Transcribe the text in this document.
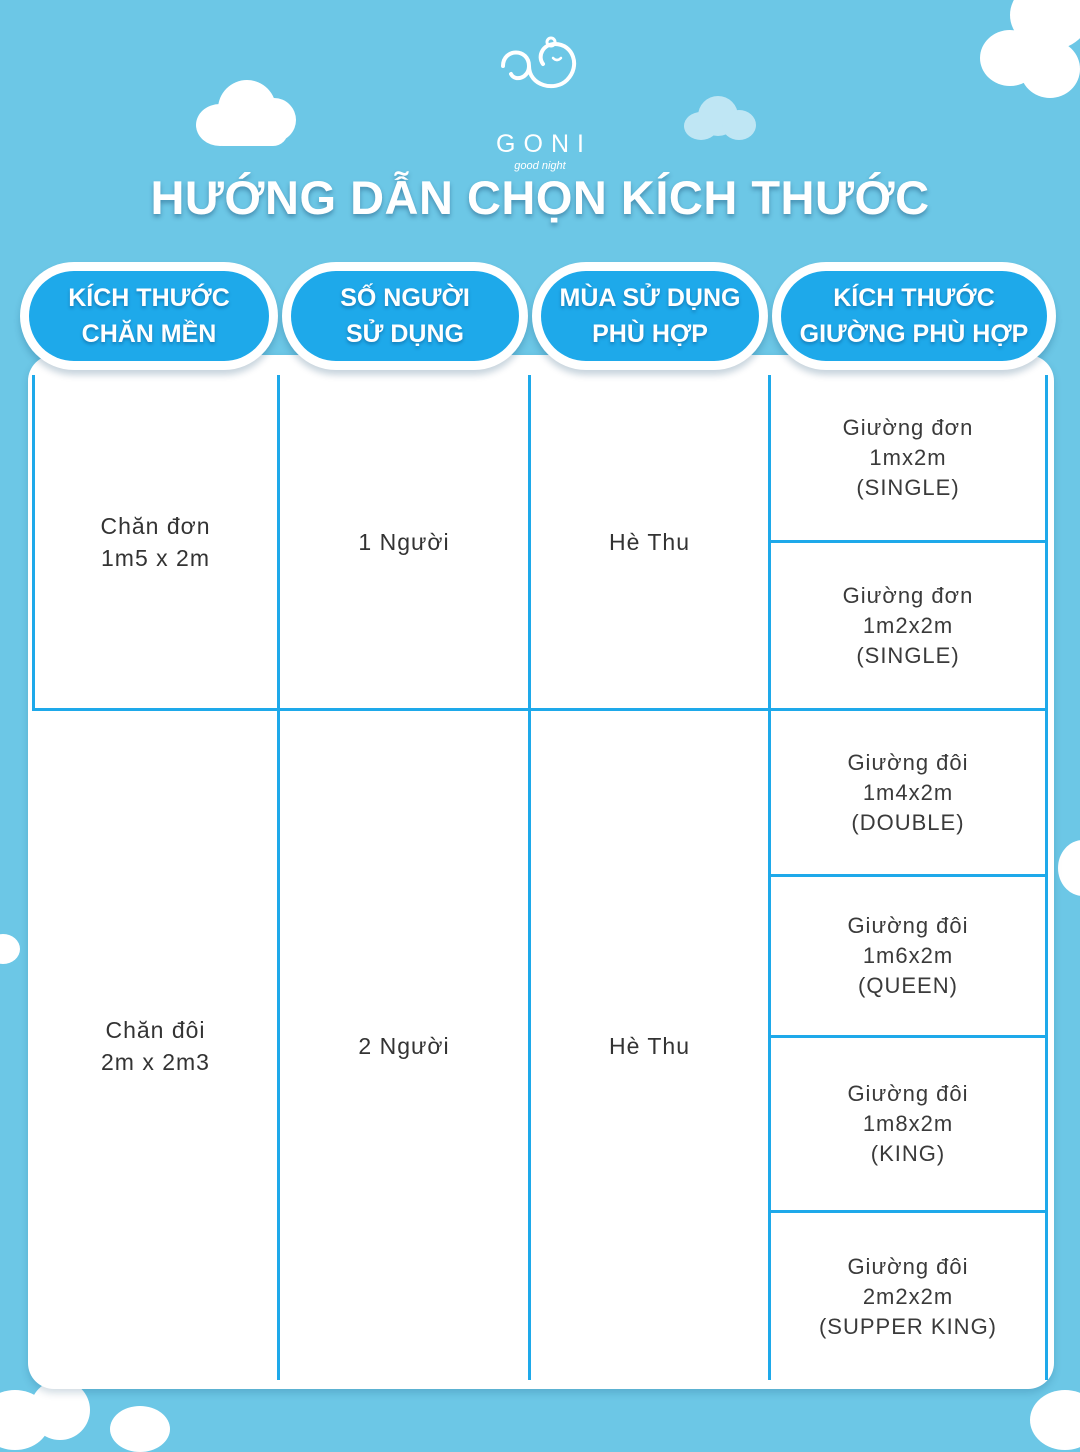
GONI
good night
HƯỚNG DẪN CHỌN KÍCH THƯỚC
Chăn đơn
1m5 x 2m
1 Người	Hè Thu
Giường đơn
1mx2m
(SINGLE)
Giường đơn
1m2x2m
(SINGLE)
Chăn đôi
2m x 2m3
2 Người	Hè Thu
Giường đôi
1m4x2m
(DOUBLE)
Giường đôi
1m6x2m
(QUEEN)
Giường đôi
1m8x2m
(KING)
Giường đôi
2m2x2m
(SUPPER KING)
KÍCH THƯỚC
CHĂN MỀN
SỐ NGƯỜI
SỬ DỤNG
MÙA SỬ DỤNG
PHÙ HỢP
KÍCH THƯỚC
GIƯỜNG PHÙ HỢP
